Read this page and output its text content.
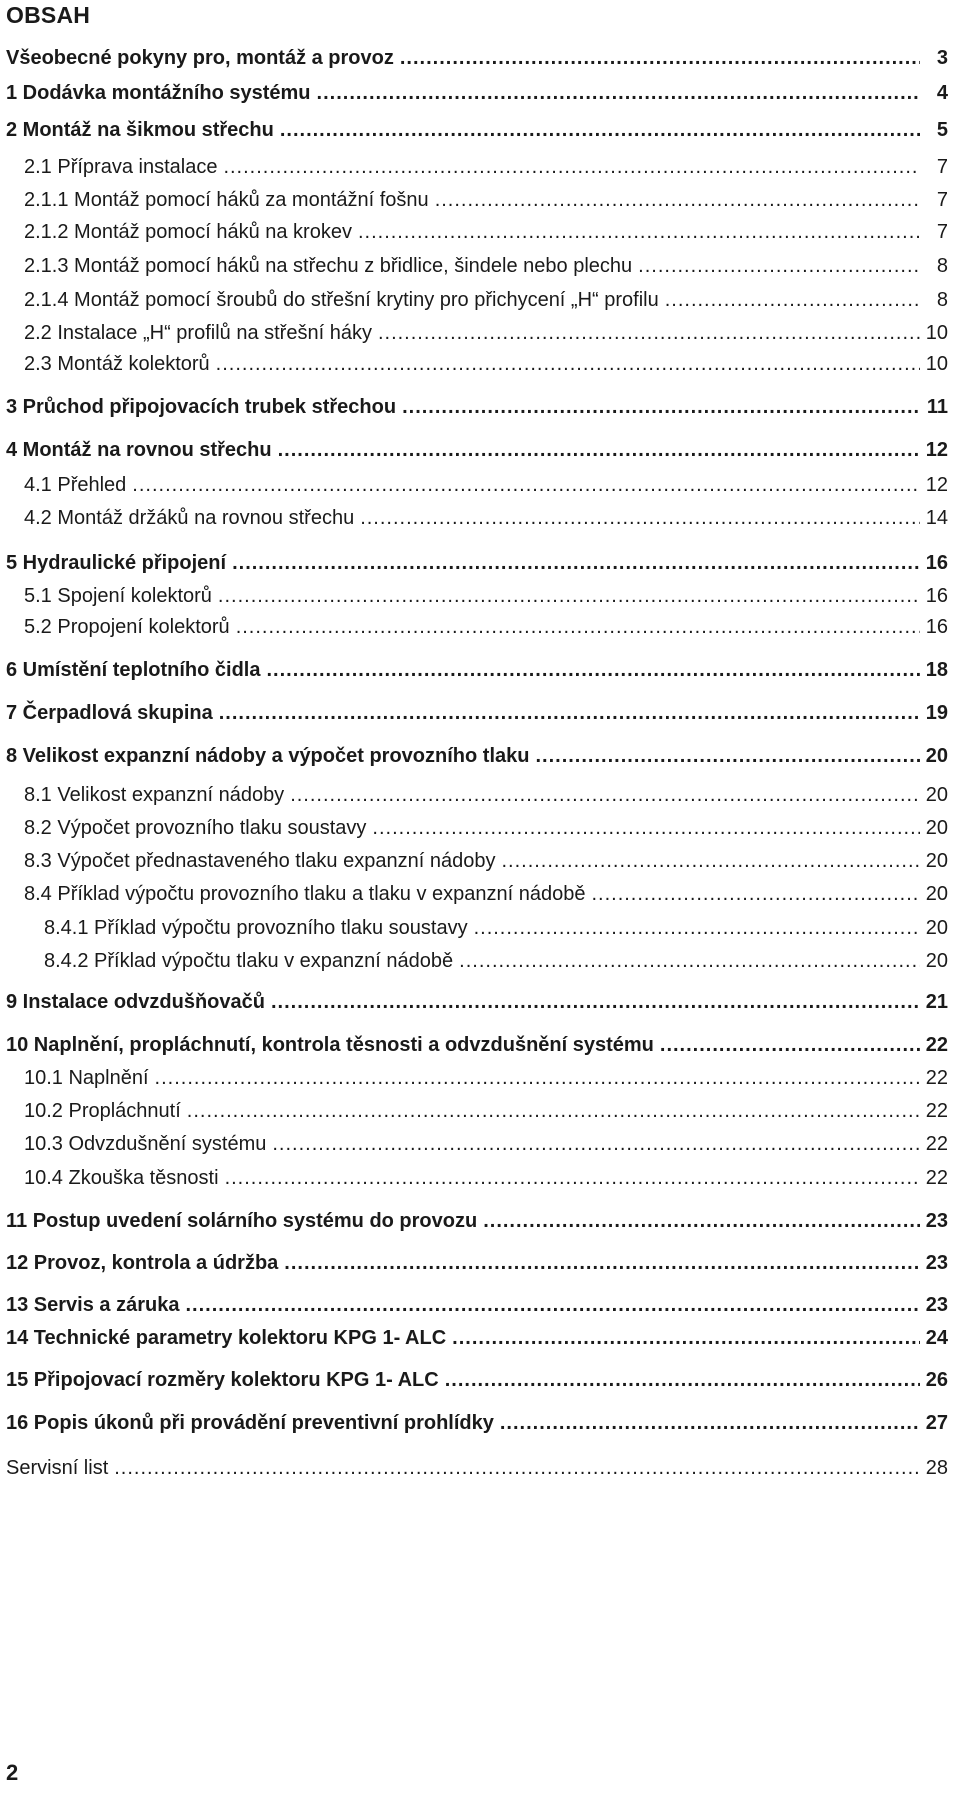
OBSAH
Všeobecné pokyny pro, montáž a provoz .....	3
1 Dodávka montážního systému .....	4
2 Montáž na šikmou střechu .....	5
2.1 Příprava instalace .....	7
2.1.1 Montáž pomocí háků za montážní fošnu .....	7
2.1.2 Montáž pomocí háků na krokev .....	7
2.1.3 Montáž pomocí háků na střechu z břidlice, šindele nebo plechu .....	8
2.1.4 Montáž pomocí šroubů do střešní krytiny pro přichycení „H“ profilu .....	8
2.2 Instalace „H“ profilů na střešní háky .....	10
2.3 Montáž kolektorů .....	10
3 Průchod připojovacích trubek střechou .....	11
4 Montáž na rovnou střechu .....	12
4.1 Přehled .....	12
4.2 Montáž držáků na rovnou střechu .....	14
5 Hydraulické připojení .....	16
5.1 Spojení kolektorů .....	16
5.2 Propojení kolektorů .....	16
6 Umístění teplotního čidla .....	18
7 Čerpadlová skupina .....	19
8 Velikost expanzní nádoby a výpočet provozního tlaku .....	20
8.1 Velikost expanzní nádoby .....	20
8.2 Výpočet provozního tlaku soustavy .....	20
8.3 Výpočet přednastaveného tlaku expanzní nádoby .....	20
8.4 Příklad výpočtu provozního tlaku a tlaku v expanzní nádobě .....	20
8.4.1 Příklad výpočtu provozního tlaku soustavy .....	20
8.4.2 Příklad výpočtu tlaku v expanzní nádobě .....	20
9 Instalace odvzdušňovačů .....	21
10 Naplnění, propláchnutí, kontrola těsnosti a odvzdušnění systému .....	22
10.1 Naplnění .....	22
10.2 Propláchnutí .....	22
10.3 Odvzdušnění systému .....	22
10.4 Zkouška těsnosti .....	22
11 Postup uvedení solárního systému do provozu .....	23
12 Provoz, kontrola a údržba .....	23
13 Servis a záruka .....	23
14 Technické parametry kolektoru KPG 1- ALC .....	24
15 Připojovací rozměry kolektoru KPG 1- ALC .....	26
16 Popis úkonů při provádění preventivní prohlídky .....	27
Servisní list .....	28
2
